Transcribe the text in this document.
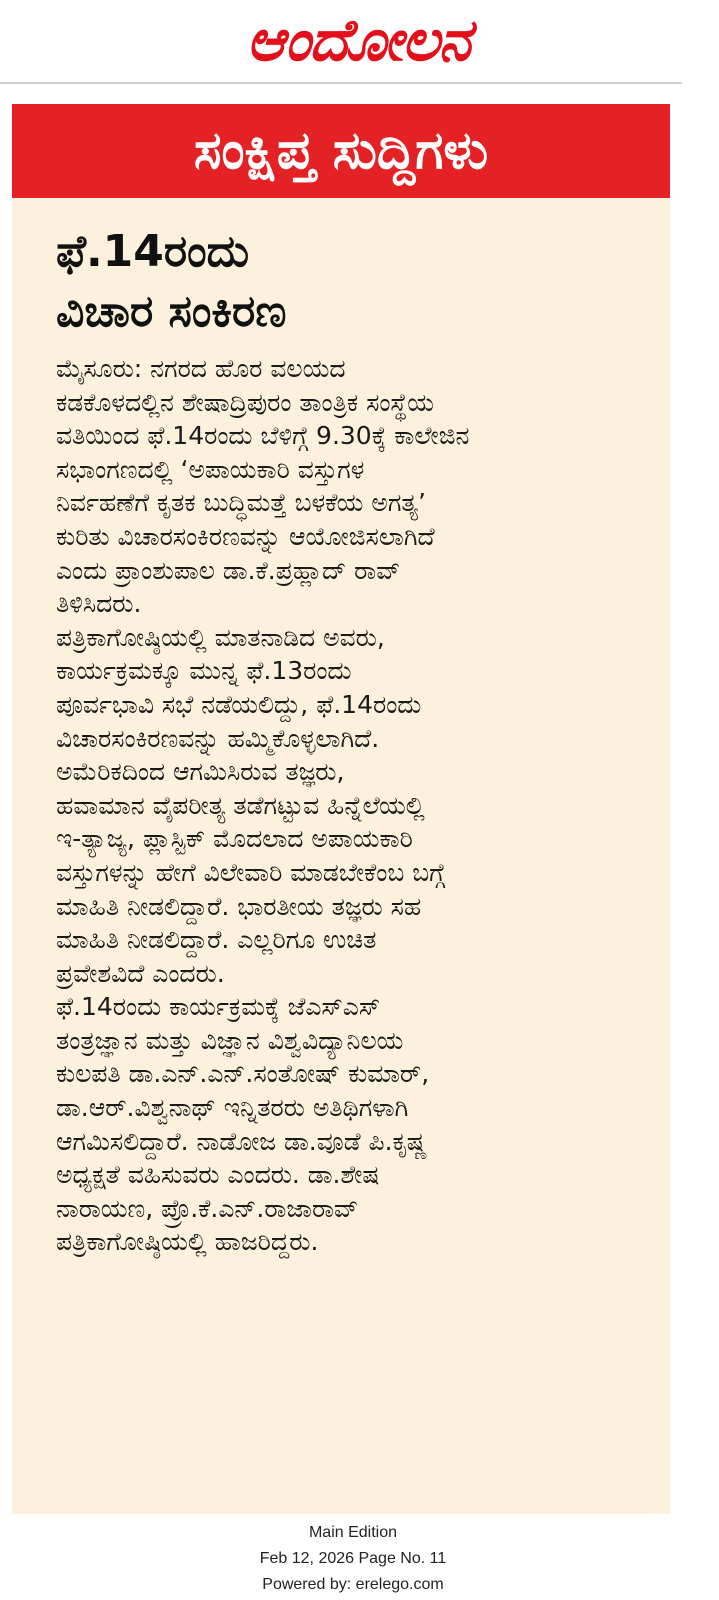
ಆಂದೋಲನ
ಸಂಕ್ಷಿಪ್ತ ಸುದ್ದಿಗಳು
ಫೆ.14ರಂದು
ವಿಚಾರ ಸಂಕಿರಣ

ಮೈಸೂರು: ನಗರದ ಹೊರ ವಲಯದ
ಕಡಕೊಳದಲ್ಲಿನ ಶೇಷಾದ್ರಿಪುರಂ ತಾಂತ್ರಿಕ ಸಂಸ್ಥೆಯ
ವತಿಯಿಂದ ಫೆ.14ರಂದು ಬೆಳಿಗ್ಗೆ 9.30ಕ್ಕೆ ಕಾಲೇಜಿನ
ಸಭಾಂಗಣದಲ್ಲಿ ‘ಅಪಾಯಕಾರಿ ವಸ್ತುಗಳ
ನಿರ್ವಹಣೆಗೆ ಕೃತಕ ಬುದ್ಧಿಮತ್ತೆ ಬಳಕೆಯ ಅಗತ್ಯ’
ಕುರಿತು ವಿಚಾರಸಂಕಿರಣವನ್ನು ಆಯೋಜಿಸಲಾಗಿದೆ
ಎಂದು ಪ್ರಾಂಶುಪಾಲ ಡಾ.ಕೆ.ಪ್ರಹ್ಲಾದ್ ರಾವ್
ತಿಳಿಸಿದರು.

ಪತ್ರಿಕಾಗೋಷ್ಠಿಯಲ್ಲಿ ಮಾತನಾಡಿದ ಅವರು,
ಕಾರ್ಯಕ್ರಮಕ್ಕೂ ಮುನ್ನ ಫೆ.13ರಂದು
ಪೂರ್ವಭಾವಿ ಸಭೆ ನಡೆಯಲಿದ್ದು, ಫೆ.14ರಂದು
ವಿಚಾರಸಂಕಿರಣವನ್ನು ಹಮ್ಮಿಕೊಳ್ಳಲಾಗಿದೆ.
ಅಮೆರಿಕದಿಂದ ಆಗಮಿಸಿರುವ ತಜ್ಞರು,
ಹವಾಮಾನ ವೈಪರೀತ್ಯ ತಡೆಗಟ್ಟುವ ಹಿನ್ನೆಲೆಯಲ್ಲಿ
ಇ-ತ್ಯಾಜ್ಯ, ಪ್ಲಾಸ್ಟಿಕ್ ಮೊದಲಾದ ಅಪಾಯಕಾರಿ
ವಸ್ತುಗಳನ್ನು ಹೇಗೆ ವಿಲೇವಾರಿ ಮಾಡಬೇಕೆಂಬ ಬಗ್ಗೆ
ಮಾಹಿತಿ ನೀಡಲಿದ್ದಾರೆ. ಭಾರತೀಯ ತಜ್ಞರು ಸಹ
ಮಾಹಿತಿ ನೀಡಲಿದ್ದಾರೆ. ಎಲ್ಲರಿಗೂ ಉಚಿತ
ಪ್ರವೇಶವಿದೆ ಎಂದರು.

ಫೆ.14ರಂದು ಕಾರ್ಯಕ್ರಮಕ್ಕೆ ಜೆಎಸ್ಎಸ್
ತಂತ್ರಜ್ಞಾನ ಮತ್ತು ವಿಜ್ಞಾನ ವಿಶ್ವವಿದ್ಯಾನಿಲಯ
ಕುಲಪತಿ ಡಾ.ಎನ್.ಎನ್.ಸಂತೋಷ್ ಕುಮಾರ್,
ಡಾ.ಆರ್.ವಿಶ್ವನಾಥ್ ಇನ್ನಿತರರು ಅತಿಥಿಗಳಾಗಿ
ಆಗಮಿಸಲಿದ್ದಾರೆ. ನಾಡೋಜ ಡಾ.ವೂಡೆ ಪಿ.ಕೃಷ್ಣ
ಅಧ್ಯಕ್ಷತೆ ವಹಿಸುವರು ಎಂದರು. ಡಾ.ಶೇಷ
ನಾರಾಯಣ, ಪ್ರೊ.ಕೆ.ಎನ್.ರಾಜಾರಾವ್
ಪತ್ರಿಕಾಗೋಷ್ಠಿಯಲ್ಲಿ ಹಾಜರಿದ್ದರು.

Main Edition
Feb 12, 2026 Page No. 11
Powered by: erelego.com
